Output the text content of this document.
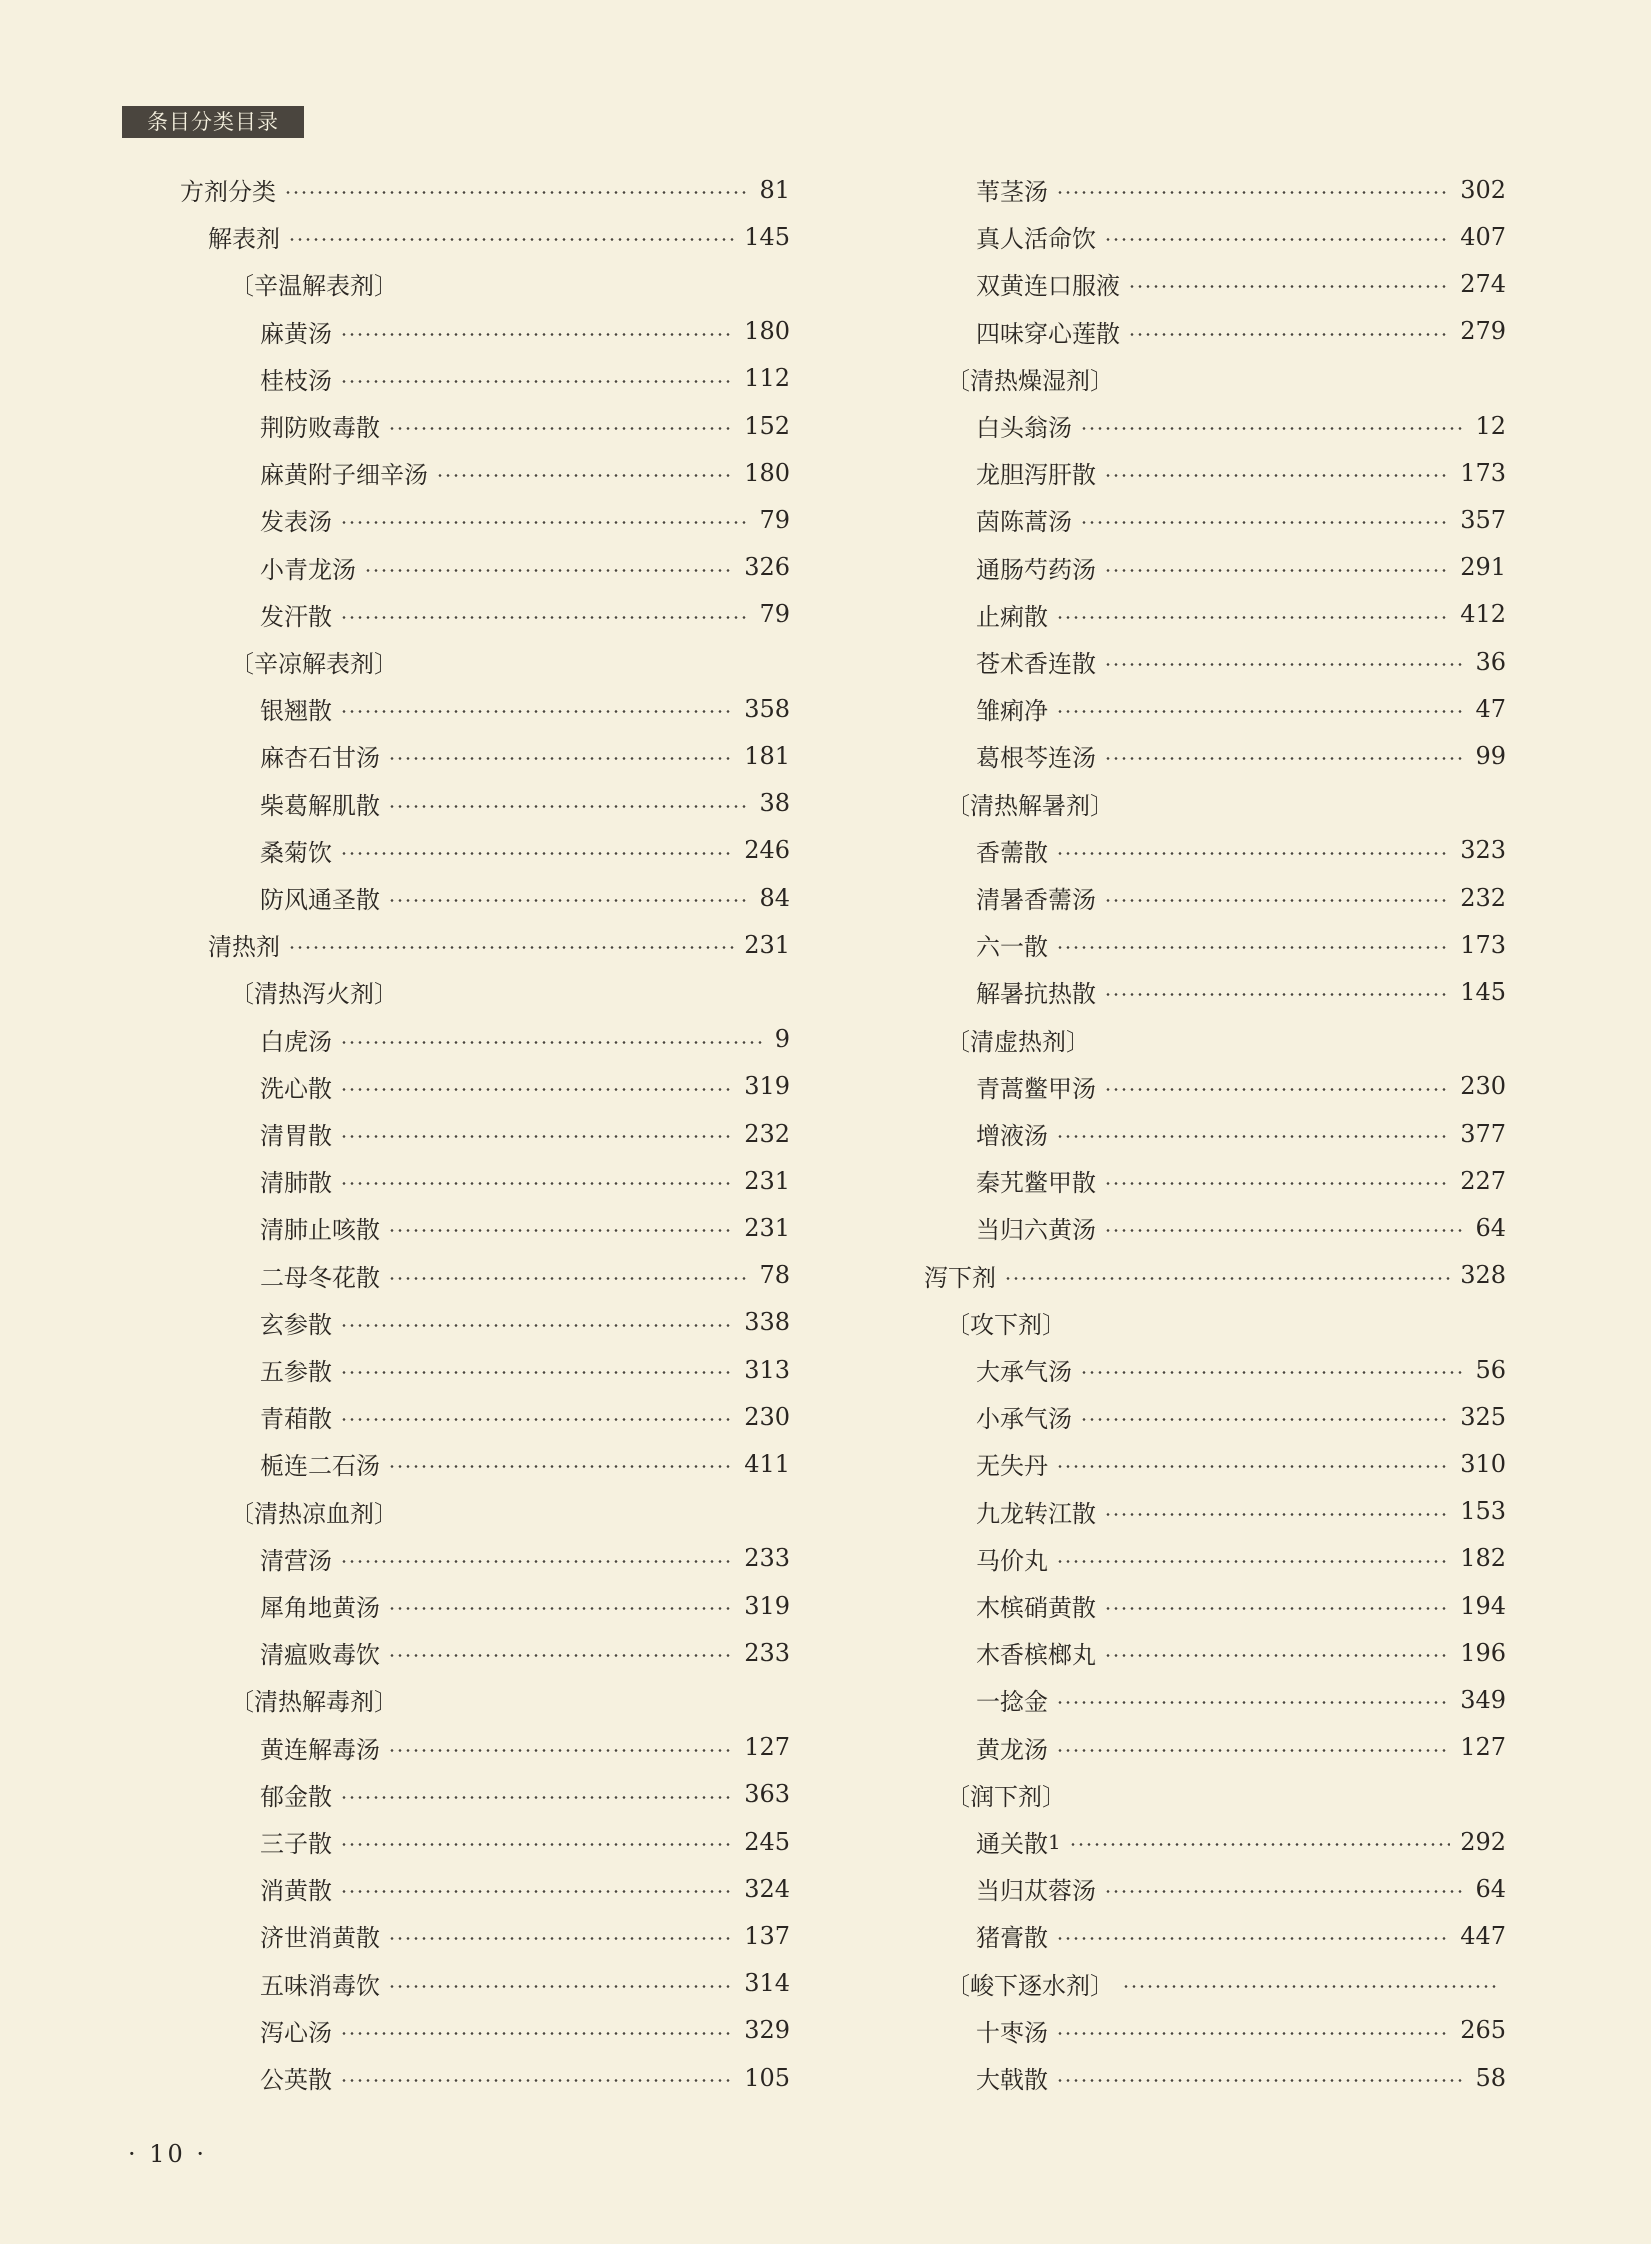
条目分类目录
方剂分类	81
解表剂	145
〔辛温解表剂〕
麻黄汤	180
桂枝汤	112
荆防败毒散	152
麻黄附子细辛汤	180
发表汤	79
小青龙汤	326
发汗散	79
〔辛凉解表剂〕
银翘散	358
麻杏石甘汤	181
柴葛解肌散	38
桑菊饮	246
防风通圣散	84
清热剂	231
〔清热泻火剂〕
白虎汤	9
洗心散	319
清胃散	232
清肺散	231
清肺止咳散	231
二母冬花散	78
玄参散	338
五参散	313
青葙散	230
栀连二石汤	411
〔清热凉血剂〕
清营汤	233
犀角地黄汤	319
清瘟败毒饮	233
〔清热解毒剂〕
黄连解毒汤	127
郁金散	363
三子散	245
消黄散	324
济世消黄散	137
五味消毒饮	314
泻心汤	329
公英散	105
苇茎汤	302
真人活命饮	407
双黄连口服液	274
四味穿心莲散	279
〔清热燥湿剂〕
白头翁汤	12
龙胆泻肝散	173
茵陈蒿汤	357
通肠芍药汤	291
止痢散	412
苍术香连散	36
雏痢净	47
葛根芩连汤	99
〔清热解暑剂〕
香薷散	323
清暑香薷汤	232
六一散	173
解暑抗热散	145
〔清虚热剂〕
青蒿鳖甲汤	230
增液汤	377
秦艽鳖甲散	227
当归六黄汤	64
泻下剂	328
〔攻下剂〕
大承气汤	56
小承气汤	325
无失丹	310
九龙转江散	153
马价丸	182
木槟硝黄散	194
木香槟榔丸	196
一捻金	349
黄龙汤	127
〔润下剂〕
通关散 1	292
当归苁蓉汤	64
猪膏散	447
〔峻下逐水剂〕
十枣汤	265
大戟散	58
· 10 ·
